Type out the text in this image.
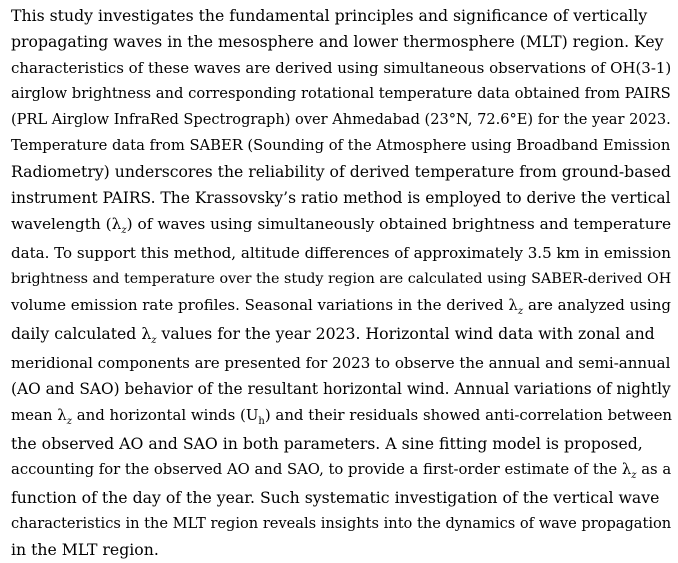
This study investigates the fundamental principles and significance of vertically
propagating waves in the mesosphere and lower thermosphere (MLT) region. Key
characteristics of these waves are derived using simultaneous observations of OH(3-1)
airglow brightness and corresponding rotational temperature data obtained from PAIRS
(PRL Airglow InfraRed Spectrograph) over Ahmedabad (23°N, 72.6°E) for the year 2023.
Temperature data from SABER (Sounding of the Atmosphere using Broadband Emission
Radiometry) underscores the reliability of derived temperature from ground-based
instrument PAIRS. The Krassovsky’s ratio method is employed to derive the vertical
wavelength $(\lambda_z)$ of waves using simultaneously obtained brightness and temperature
data. To support this method, altitude differences of approximately 3.5 km in emission
brightness and temperature over the study region are calculated using SABER-derived OH
volume emission rate profiles. Seasonal variations in the derived $\lambda_z$ are analyzed using
daily calculated $\lambda_z$ values for the year 2023. Horizontal wind data with zonal and
meridional components are presented for 2023 to observe the annual and semi-annual
(AO and SAO) behavior of the resultant horizontal wind. Annual variations of nightly
mean $\lambda_z$ and horizontal winds $(U_h)$ and their residuals showed anti-correlation between
the observed AO and SAO in both parameters. A sine fitting model is proposed,
accounting for the observed AO and SAO, to provide a first-order estimate of the $\lambda_z$ as a
function of the day of the year. Such systematic investigation of the vertical wave
characteristics in the MLT region reveals insights into the dynamics of wave propagation
in the MLT region.
